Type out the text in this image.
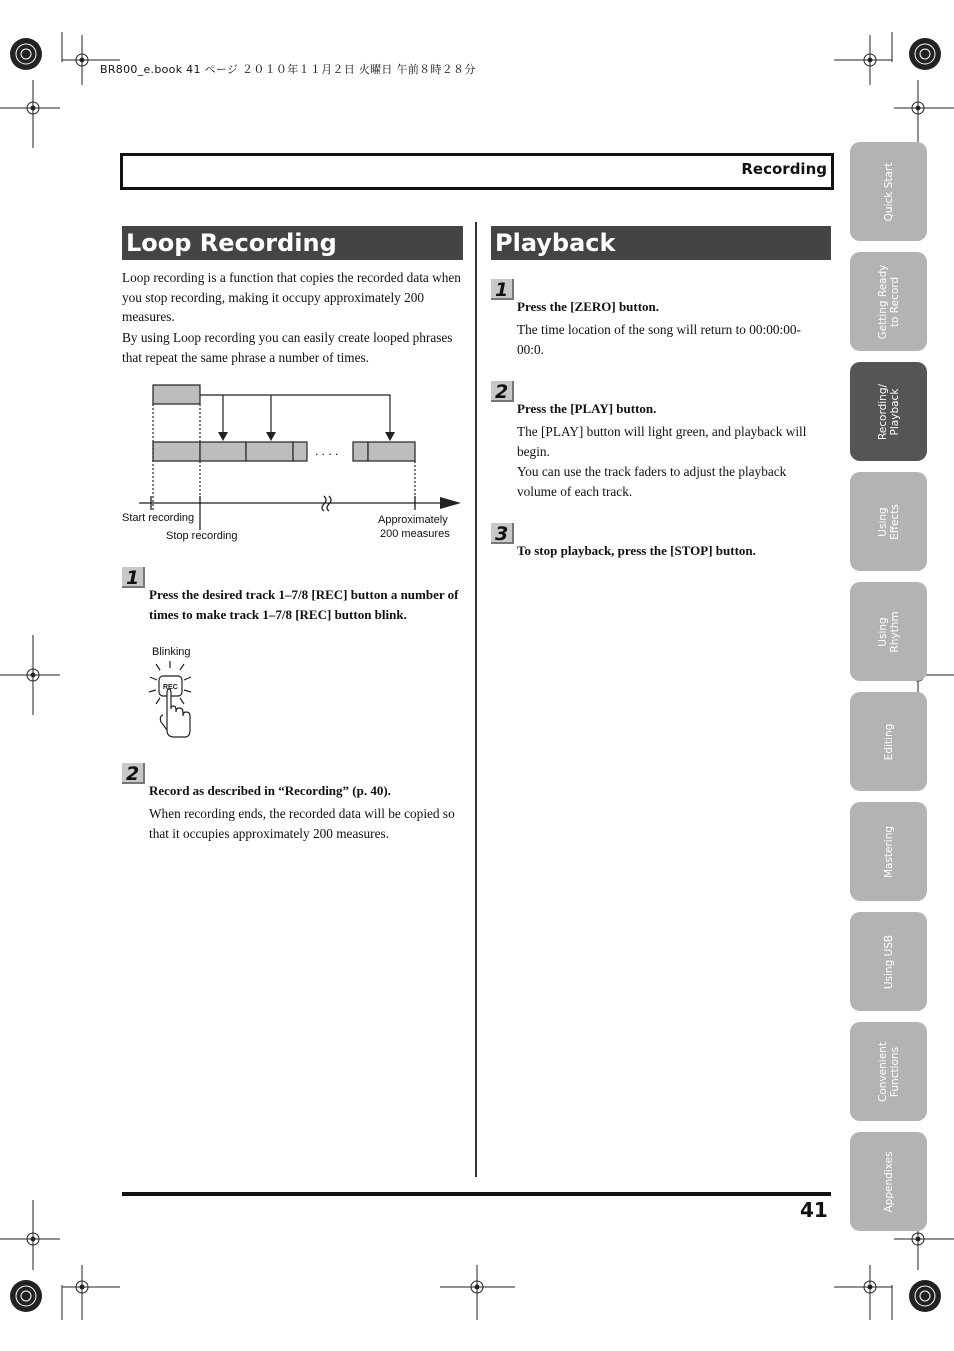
BR800_e.book 41 ページ ２０１０年１１月２日 火曜日 午前８時２８分
Recording
Loop Recording
Loop recording is a function that copies the recorded data when you stop recording, making it occupy approximately 200 measures.
By using Loop recording you can easily create looped phrases that repeat the same phrase a number of times.
. . . .
Start recording
Stop recording
Approximately
200 measures
1
Press the desired track 1–7/8 [REC] button a number of times to make track 1–7/8 [REC] button blink.
Blinking
REC
2
Record as described in “Recording” (p. 40).
When recording ends, the recorded data will be copied so that it occupies approximately 200 measures.
Playback
1
Press the [ZERO] button.
The time location of the song will return to 00:00:00-00:0.
2
Press the [PLAY] button.
The [PLAY] button will light green, and playback will begin.
You can use the track faders to adjust the playback volume of each track.
3
To stop playback, press the [STOP] button.
Quick Start
Getting Ready
to Record
Recording/
Playback
Using
Effects
Using
Rhythm
Editing
Mastering
Using USB
Convenient
Functions
Appendixes
41
